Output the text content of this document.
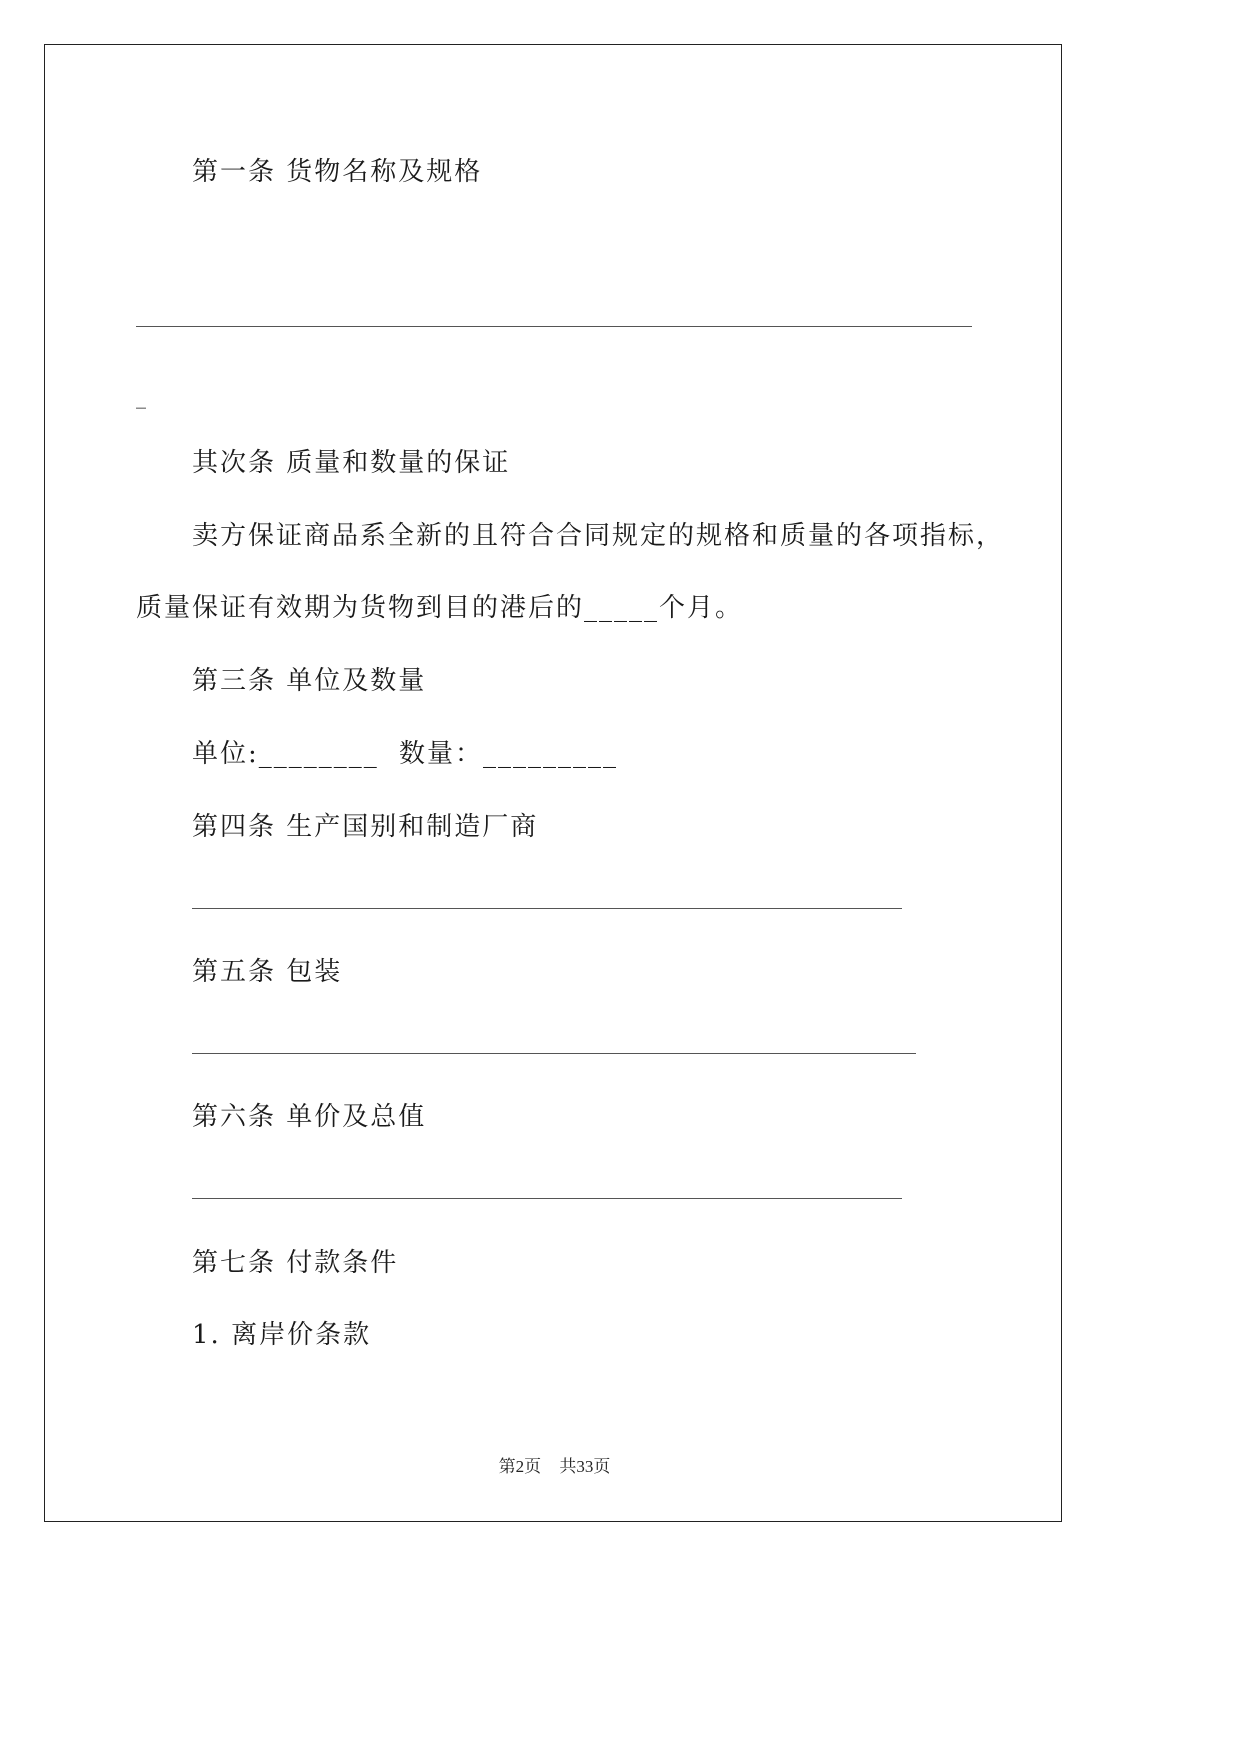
第一条 货物名称及规格
_
其次条 质量和数量的保证
卖方保证商品系全新的且符合合同规定的规格和质量的各项指标，
质量保证有效期为货物到目的港后的_____个月。
第三条 单位及数量
单位:________ 数量：_________
第四条 生产国别和制造厂商
第五条 包装
第六条 单价及总值
第七条 付款条件
1. 离岸价条款
第2页 共33页
